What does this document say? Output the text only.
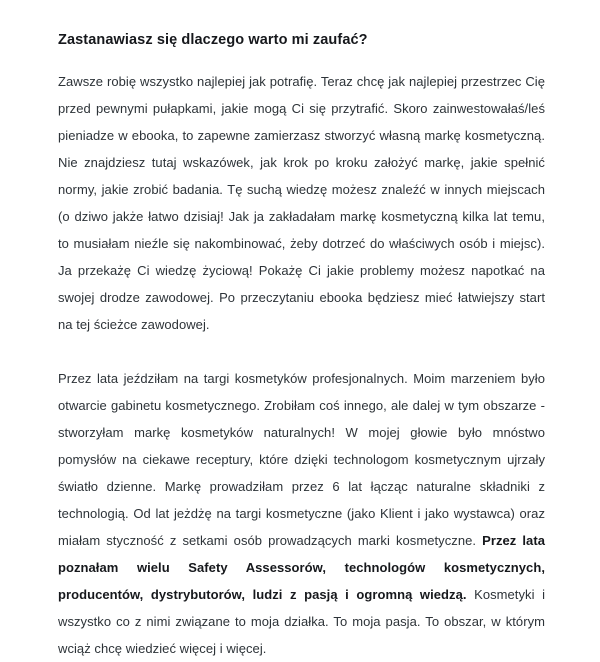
Zastanawiasz się dlaczego warto mi zaufać?

Zawsze robię wszystko najlepiej jak potrafię. Teraz chcę jak najlepiej przestrzec Cię przed pewnymi pułapkami, jakie mogą Ci się przytrafić. Skoro zainwestowałaś/leś pieniadze w ebooka, to zapewne zamierzasz stworzyć własną markę kosmetyczną. Nie znajdziesz tutaj wskazówek, jak krok po kroku założyć markę, jakie spełnić normy, jakie zrobić badania. Tę suchą wiedzę możesz znaleźć w innych miejscach (o dziwo jakże łatwo dzisiaj! Jak ja zakładałam markę kosmetyczną kilka lat temu, to musiałam nieźle się nakombinować, żeby dotrzeć do właściwych osób i miejsc). Ja przekażę Ci wiedzę życiową! Pokażę Ci jakie problemy możesz napotkać na swojej drodze zawodowej. Po przeczytaniu ebooka będziesz mieć łatwiejszy start na tej ścieżce zawodowej.

Przez lata jeździłam na targi kosmetyków profesjonalnych. Moim marzeniem było otwarcie gabinetu kosmetycznego. Zrobiłam coś innego, ale dalej w tym obszarze - stworzyłam markę kosmetyków naturalnych! W mojej głowie było mnóstwo pomysłów na ciekawe receptury, które dzięki technologom kosmetycznym ujrzały światło dzienne. Markę prowadziłam przez 6 lat łącząc naturalne składniki z technologią. Od lat jeżdżę na targi kosmetyczne (jako Klient i jako wystawca) oraz miałam styczność z setkami osób prowadzących marki kosmetyczne. Przez lata poznałam wielu Safety Assessorów, technologów kosmetycznych, producentów, dystrybutorów, ludzi z pasją i ogromną wiedzą. Kosmetyki i wszystko co z nimi związane to moja działka. To moja pasja. To obszar, w którym wciąż chcę wiedzieć więcej i więcej.
